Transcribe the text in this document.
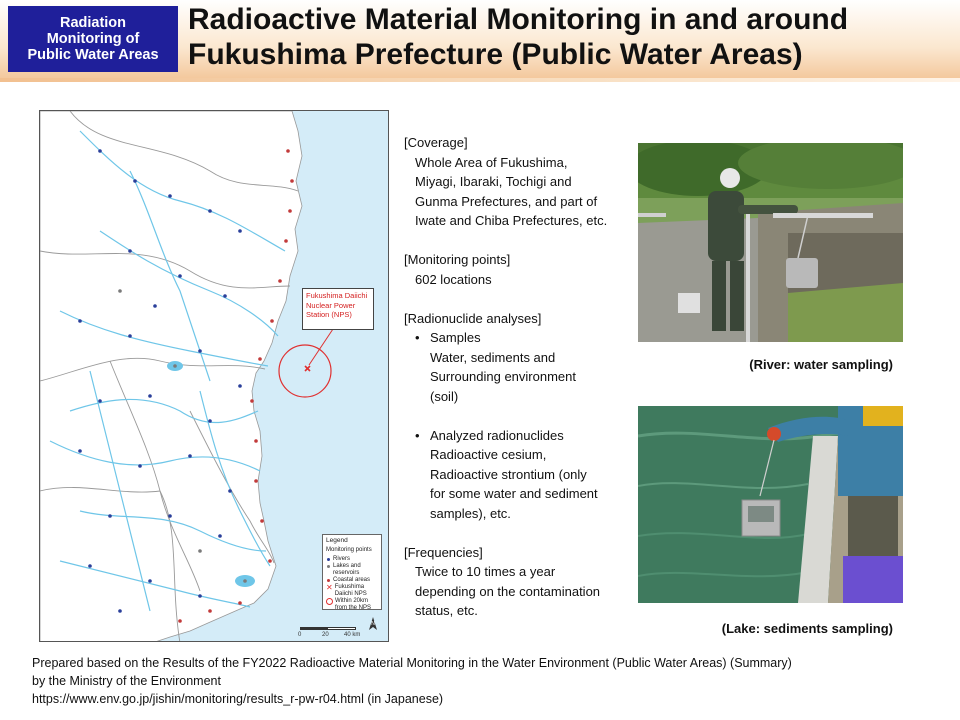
Radiation
Monitoring of
Public Water Areas
Radioactive Material Monitoring in and around
Fukushima Prefecture (Public Water Areas)
Fukushima Daiichi
Nuclear Power
Station (NPS)
Legend
Monitoring points
Rivers
Lakes and
reservoirs
Coastal areas
✕ Fukushima
Daiichi NPS
Within 20km
from the NPS
0	20	40 km
N
[Coverage]
Whole Area of Fukushima,
Miyagi, Ibaraki, Tochigi and
Gunma Prefectures, and part of
Iwate and Chiba Prefectures, etc.
[Monitoring points]
602 locations
[Radionuclide analyses]
• Samples
Water, sediments and
Surrounding environment
(soil)
• Analyzed radionuclides
Radioactive cesium,
Radioactive strontium (only
for some water and sediment
samples), etc.
[Frequencies]
Twice to 10 times a year
depending on the contamination
status, etc.
(River: water sampling)
(Lake: sediments sampling)
Prepared based on the Results of the FY2022 Radioactive Material Monitoring in the Water Environment (Public Water Areas) (Summary)
by the Ministry of the Environment
https://www.env.go.jp/jishin/monitoring/results_r-pw-r04.html (in Japanese)
